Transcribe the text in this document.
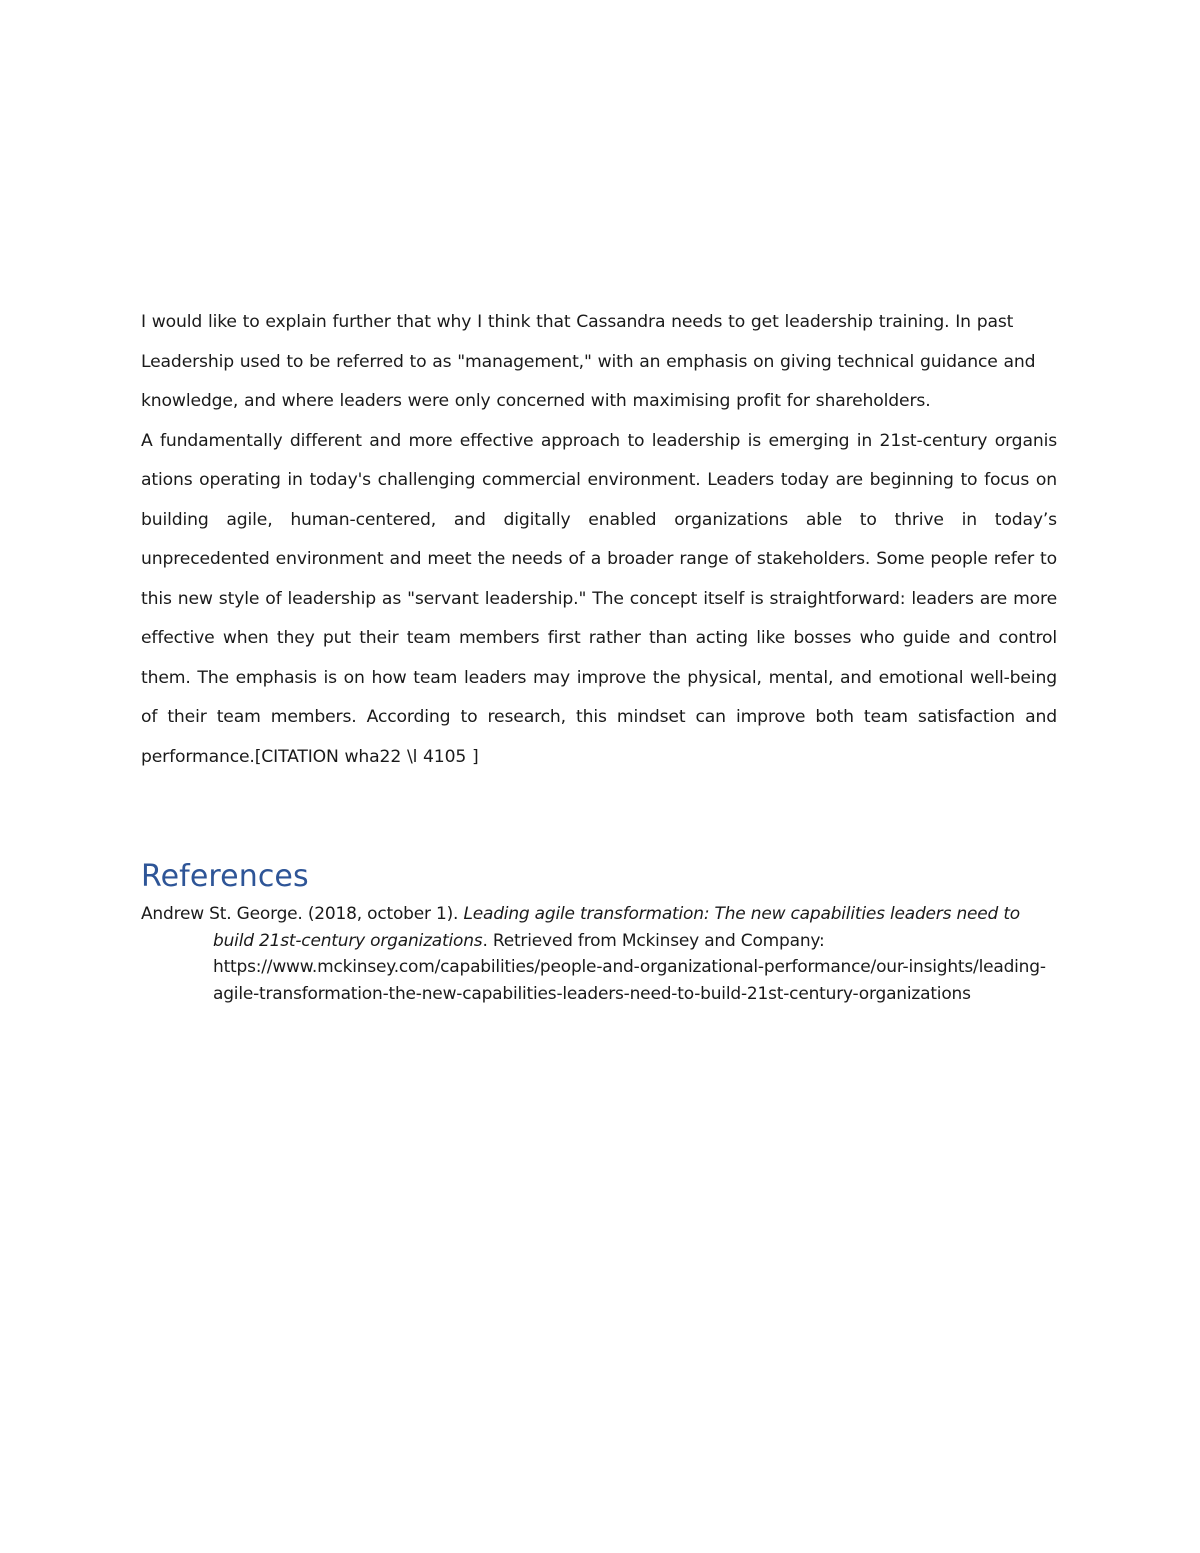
I would like to explain further that why I think that Cassandra needs to get leadership training. In past Leadership used to be referred to as "management," with an emphasis on giving technical guidance and knowledge, and where leaders were only concerned with maximising profit for shareholders.

A fundamentally different and more effective approach to leadership is emerging in 21st-century organis ations operating in today's challenging commercial environment. Leaders today are beginning to focus on building agile, human-centered, and digitally enabled organizations able to thrive in today’s unprecedented environment and meet the needs of a broader range of stakeholders. Some people refer to this new style of leadership as "servant leadership." The concept itself is straightforward: leaders are more effective when they put their team members first rather than acting like bosses who guide and control them. The emphasis is on how team leaders may improve the physical, mental, and emotional well-being of their team members. According to research, this mindset can improve both team satisfaction and performance.[CITATION wha22 \l 4105 ]

References

Andrew St. George. (2018, october 1). Leading agile transformation: The new capabilities leaders need to build 21st-century organizations. Retrieved from Mckinsey and Company:
https://www.mckinsey.com/capabilities/people-and-organizational-performance/our-insights/leading-agile-transformation-the-new-capabilities-leaders-need-to-build-21st-century-organizations
